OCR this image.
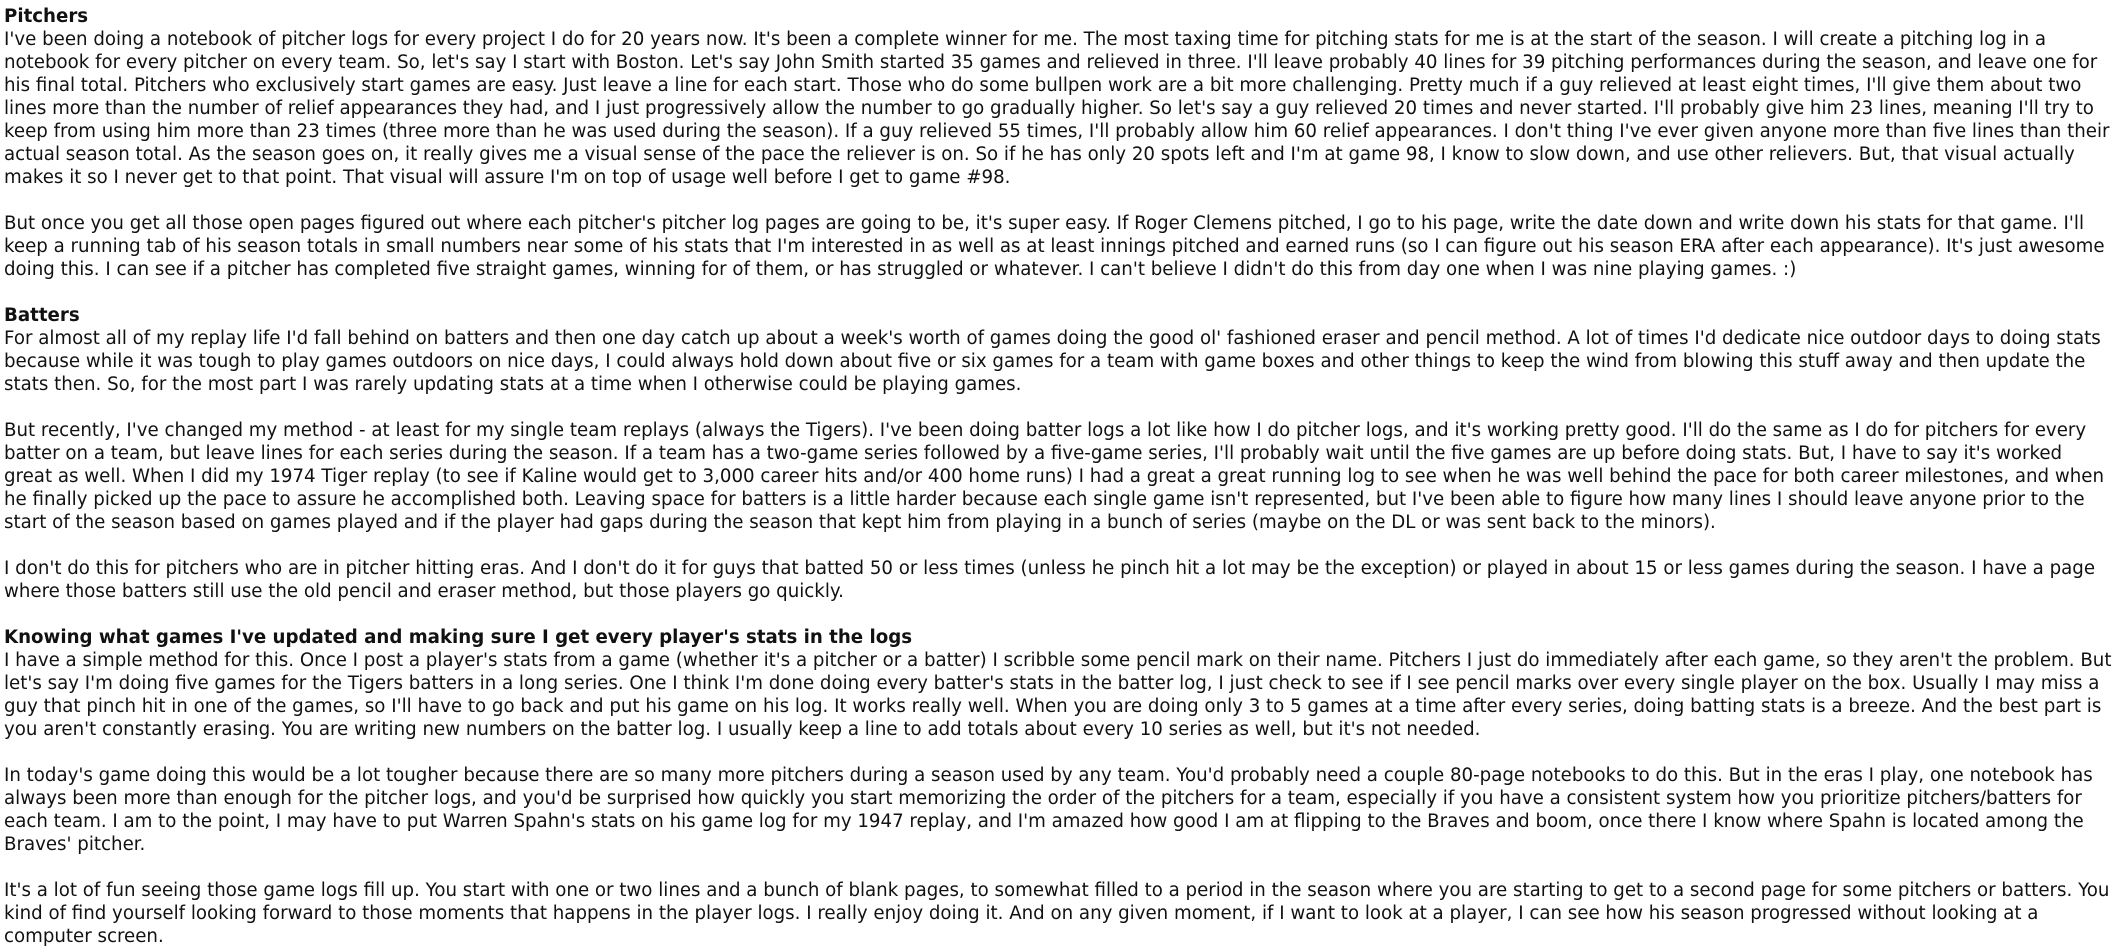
Pitchers

I've been doing a notebook of pitcher logs for every project I do for 20 years now. It's been a complete winner for me. The most taxing time for pitching stats for me is at the start of the season. I will create a pitching log in a notebook for every pitcher on every team. So, let's say I start with Boston. Let's say John Smith started 35 games and relieved in three. I'll leave probably 40 lines for 39 pitching performances during the season, and leave one for his final total. Pitchers who exclusively start games are easy. Just leave a line for each start. Those who do some bullpen work are a bit more challenging. Pretty much if a guy relieved at least eight times, I'll give them about two lines more than the number of relief appearances they had, and I just progressively allow the number to go gradually higher. So let's say a guy relieved 20 times and never started. I'll probably give him 23 lines, meaning I'll try to keep from using him more than 23 times (three more than he was used during the season). If a guy relieved 55 times, I'll probably allow him 60 relief appearances. I don't thing I've ever given anyone more than five lines than their actual season total. As the season goes on, it really gives me a visual sense of the pace the reliever is on. So if he has only 20 spots left and I'm at game 98, I know to slow down, and use other relievers. But, that visual actually makes it so I never get to that point. That visual will assure I'm on top of usage well before I get to game #98.

But once you get all those open pages figured out where each pitcher's pitcher log pages are going to be, it's super easy. If Roger Clemens pitched, I go to his page, write the date down and write down his stats for that game. I'll keep a running tab of his season totals in small numbers near some of his stats that I'm interested in as well as at least innings pitched and earned runs (so I can figure out his season ERA after each appearance). It's just awesome doing this. I can see if a pitcher has completed five straight games, winning for of them, or has struggled or whatever. I can't believe I didn't do this from day one when I was nine playing games. :)

Batters

For almost all of my replay life I'd fall behind on batters and then one day catch up about a week's worth of games doing the good ol' fashioned eraser and pencil method. A lot of times I'd dedicate nice outdoor days to doing stats because while it was tough to play games outdoors on nice days, I could always hold down about five or six games for a team with game boxes and other things to keep the wind from blowing this stuff away and then update the stats then. So, for the most part I was rarely updating stats at a time when I otherwise could be playing games.

But recently, I've changed my method - at least for my single team replays (always the Tigers). I've been doing batter logs a lot like how I do pitcher logs, and it's working pretty good. I'll do the same as I do for pitchers for every batter on a team, but leave lines for each series during the season. If a team has a two-game series followed by a five-game series, I'll probably wait until the five games are up before doing stats. But, I have to say it's worked great as well. When I did my 1974 Tiger replay (to see if Kaline would get to 3,000 career hits and/or 400 home runs) I had a great a great running log to see when he was well behind the pace for both career milestones, and when he finally picked up the pace to assure he accomplished both. Leaving space for batters is a little harder because each single game isn't represented, but I've been able to figure how many lines I should leave anyone prior to the start of the season based on games played and if the player had gaps during the season that kept him from playing in a bunch of series (maybe on the DL or was sent back to the minors).

I don't do this for pitchers who are in pitcher hitting eras. And I don't do it for guys that batted 50 or less times (unless he pinch hit a lot may be the exception) or played in about 15 or less games during the season. I have a page where those batters still use the old pencil and eraser method, but those players go quickly.

Knowing what games I've updated and making sure I get every player's stats in the logs

I have a simple method for this. Once I post a player's stats from a game (whether it's a pitcher or a batter) I scribble some pencil mark on their name. Pitchers I just do immediately after each game, so they aren't the problem. But let's say I'm doing five games for the Tigers batters in a long series. One I think I'm done doing every batter's stats in the batter log, I just check to see if I see pencil marks over every single player on the box. Usually I may miss a guy that pinch hit in one of the games, so I'll have to go back and put his game on his log. It works really well. When you are doing only 3 to 5 games at a time after every series, doing batting stats is a breeze. And the best part is you aren't constantly erasing. You are writing new numbers on the batter log. I usually keep a line to add totals about every 10 series as well, but it's not needed.

In today's game doing this would be a lot tougher because there are so many more pitchers during a season used by any team. You'd probably need a couple 80-page notebooks to do this. But in the eras I play, one notebook has always been more than enough for the pitcher logs, and you'd be surprised how quickly you start memorizing the order of the pitchers for a team, especially if you have a consistent system how you prioritize pitchers/batters for each team. I am to the point, I may have to put Warren Spahn's stats on his game log for my 1947 replay, and I'm amazed how good I am at flipping to the Braves and boom, once there I know where Spahn is located among the Braves' pitcher.

It's a lot of fun seeing those game logs fill up. You start with one or two lines and a bunch of blank pages, to somewhat filled to a period in the season where you are starting to get to a second page for some pitchers or batters. You kind of find yourself looking forward to those moments that happens in the player logs. I really enjoy doing it. And on any given moment, if I want to look at a player, I can see how his season progressed without looking at a computer screen.
